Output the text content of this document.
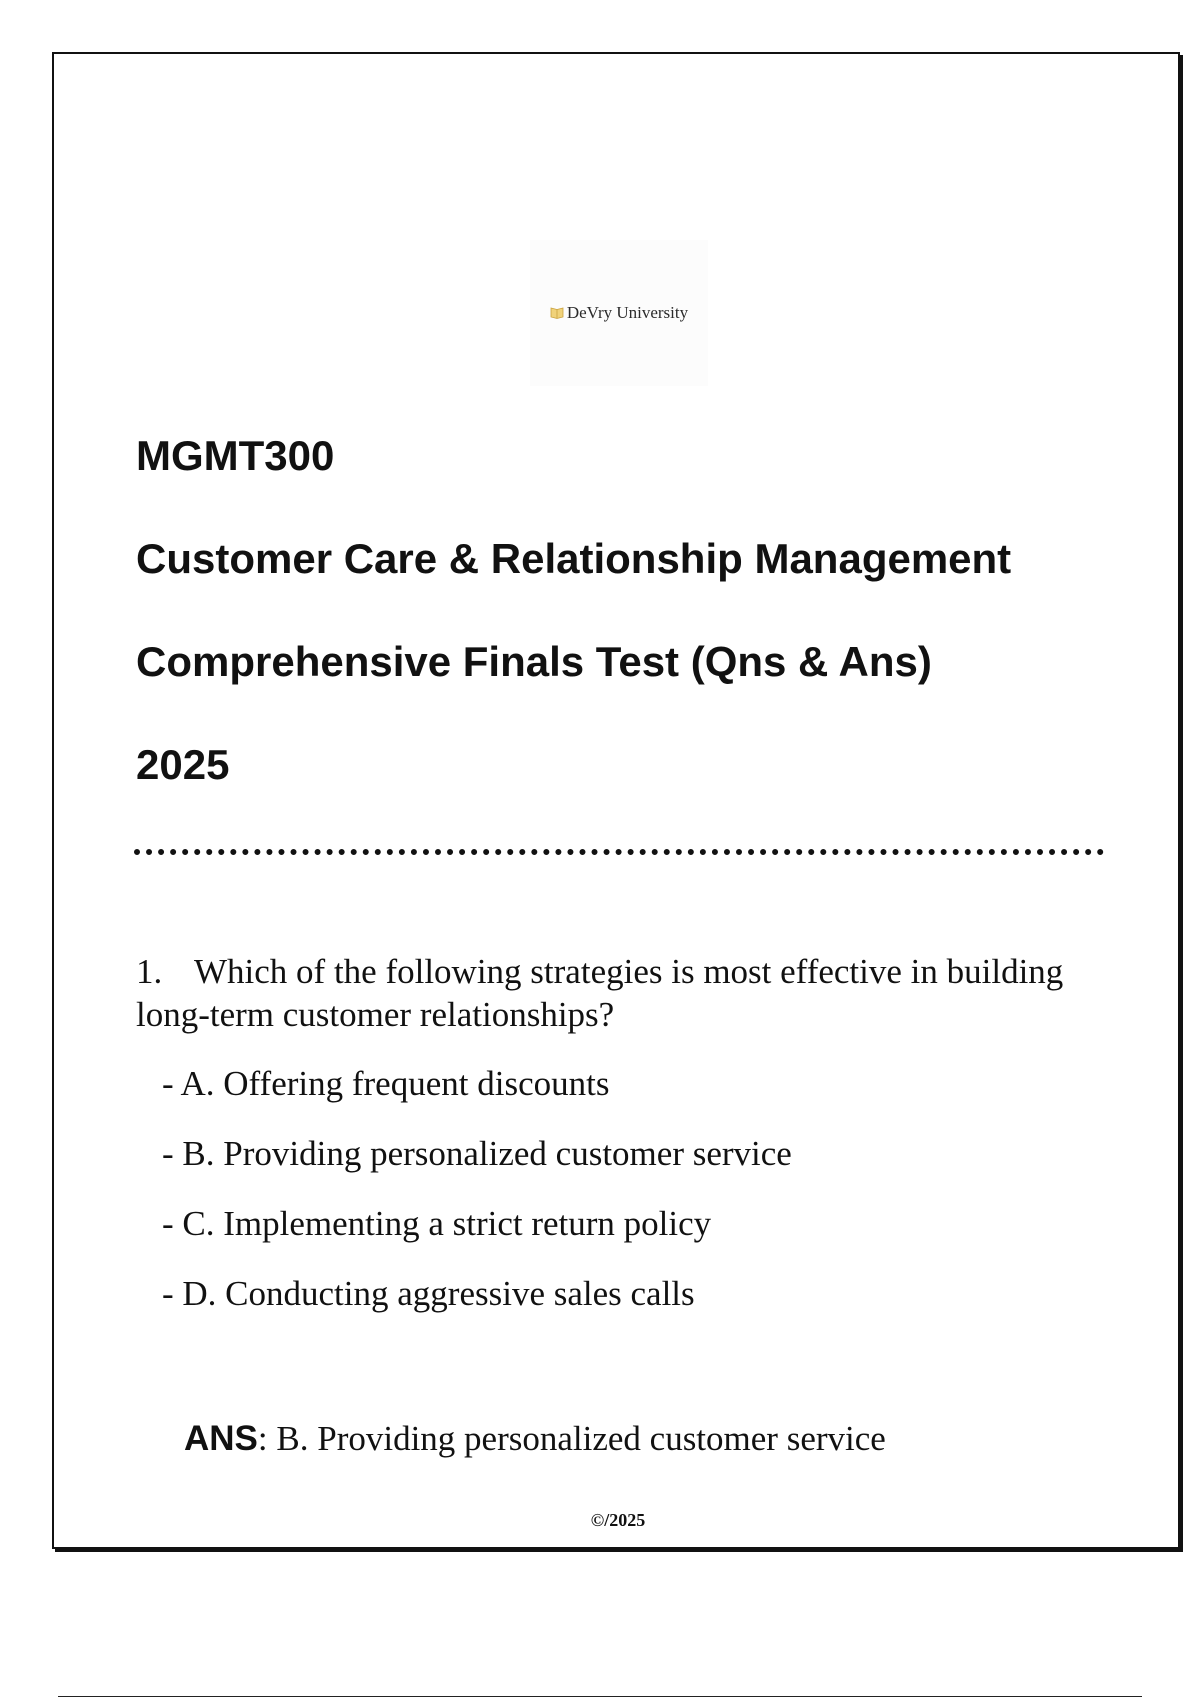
DeVry University
MGMT300
Customer Care & Relationship Management
Comprehensive Finals Test (Qns & Ans)
2025
1. Which of the following strategies is most effective in building long-term customer relationships?
- A. Offering frequent discounts
- B. Providing personalized customer service
- C. Implementing a strict return policy
- D. Conducting aggressive sales calls
ANS: B. Providing personalized customer service
©/2025
